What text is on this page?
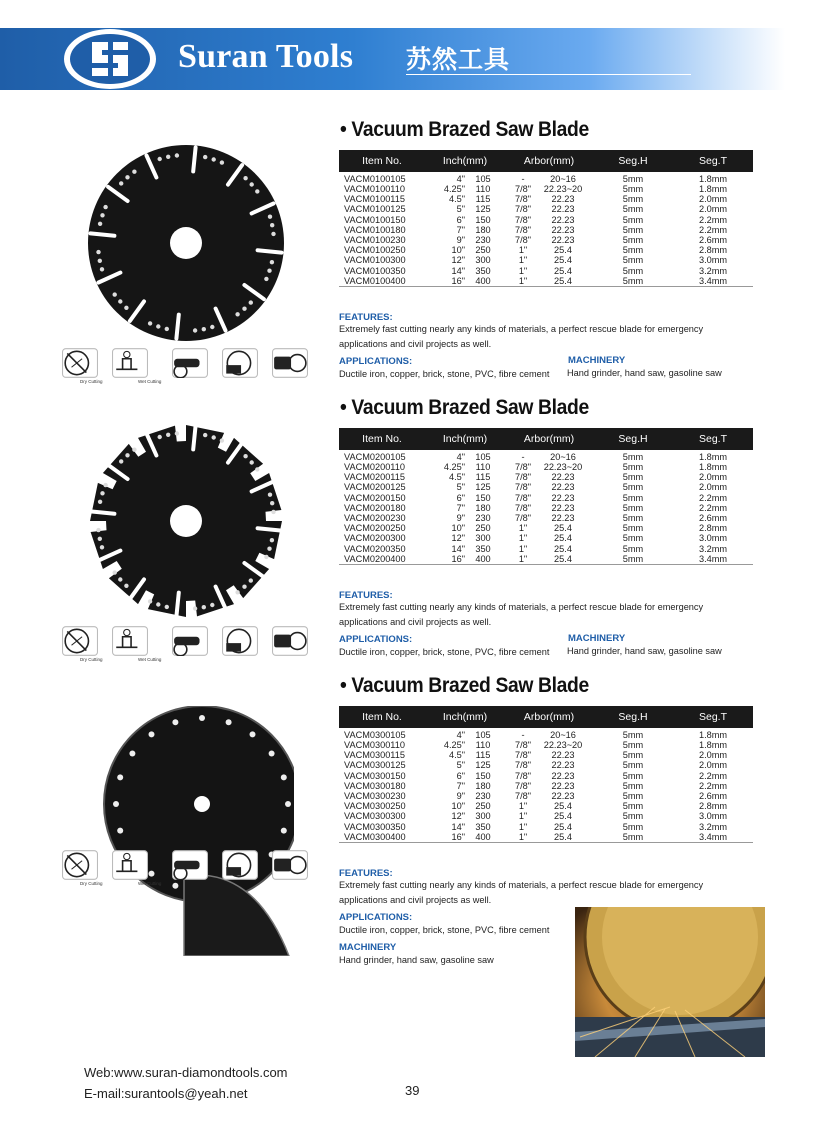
Suran Tools 苏然工具
• Vacuum Brazed Saw Blade
Item No.	Inch(mm)	Arbor(mm)	Seg.H	Seg.T
VACM0100105	4" 105	- 20~16	5mm	1.8mm
VACM0100110	4.25" 110	7/8" 22.23~20	5mm	1.8mm
VACM0100115	4.5" 115	7/8" 22.23	5mm	2.0mm
VACM0100125	5" 125	7/8" 22.23	5mm	2.0mm
VACM0100150	6" 150	7/8" 22.23	5mm	2.2mm
VACM0100180	7" 180	7/8" 22.23	5mm	2.2mm
VACM0100230	9" 230	7/8" 22.23	5mm	2.6mm
VACM0100250	10" 250	1" 25.4	5mm	2.8mm
VACM0100300	12" 300	1" 25.4	5mm	3.0mm
VACM0100350	14" 350	1" 25.4	5mm	3.2mm
VACM0100400	16" 400	1" 25.4	5mm	3.4mm
FEATURES:
Extremely fast cutting nearly any kinds of materials, a perfect rescue blade for emergency
applications and civil projects as well.
APPLICATIONS:	MACHINERY
Ductile iron, copper, brick, stone, PVC, fibre cement Hand grinder, hand saw, gasoline saw
Dry Cutting	Wet Cutting
• Vacuum Brazed Saw Blade
Item No.	Inch(mm)	Arbor(mm)	Seg.H	Seg.T
VACM0200105	4" 105	- 20~16	5mm	1.8mm
VACM0200110	4.25" 110	7/8" 22.23~20	5mm	1.8mm
VACM0200115	4.5" 115	7/8" 22.23	5mm	2.0mm
VACM0200125	5" 125	7/8" 22.23	5mm	2.0mm
VACM0200150	6" 150	7/8" 22.23	5mm	2.2mm
VACM0200180	7" 180	7/8" 22.23	5mm	2.2mm
VACM0200230	9" 230	7/8" 22.23	5mm	2.6mm
VACM0200250	10" 250	1" 25.4	5mm	2.8mm
VACM0200300	12" 300	1" 25.4	5mm	3.0mm
VACM0200350	14" 350	1" 25.4	5mm	3.2mm
VACM0200400	16" 400	1" 25.4	5mm	3.4mm
FEATURES:
Extremely fast cutting nearly any kinds of materials, a perfect rescue blade for emergency
applications and civil projects as well.
APPLICATIONS:	MACHINERY
Ductile iron, copper, brick, stone, PVC, fibre cement Hand grinder, hand saw, gasoline saw
Dry Cutting	Wet Cutting
• Vacuum Brazed Saw Blade
Item No.	Inch(mm)	Arbor(mm)	Seg.H	Seg.T
VACM0300105	4" 105	- 20~16	5mm	1.8mm
VACM0300110	4.25" 110	7/8" 22.23~20	5mm	1.8mm
VACM0300115	4.5" 115	7/8" 22.23	5mm	2.0mm
VACM0300125	5" 125	7/8" 22.23	5mm	2.0mm
VACM0300150	6" 150	7/8" 22.23	5mm	2.2mm
VACM0300180	7" 180	7/8" 22.23	5mm	2.2mm
VACM0300230	9" 230	7/8" 22.23	5mm	2.6mm
VACM0300250	10" 250	1" 25.4	5mm	2.8mm
VACM0300300	12" 300	1" 25.4	5mm	3.0mm
VACM0300350	14" 350	1" 25.4	5mm	3.2mm
VACM0300400	16" 400	1" 25.4	5mm	3.4mm
FEATURES:
Extremely fast cutting nearly any kinds of materials, a perfect rescue blade for emergency
applications and civil projects as well.
APPLICATIONS:
Ductile iron, copper, brick, stone, PVC, fibre cement
MACHINERY
Hand grinder, hand saw, gasoline saw
Dry Cutting	Wet Cutting
Web:www.suran-diamondtools.com
E-mail:surantools@yeah.net	39
